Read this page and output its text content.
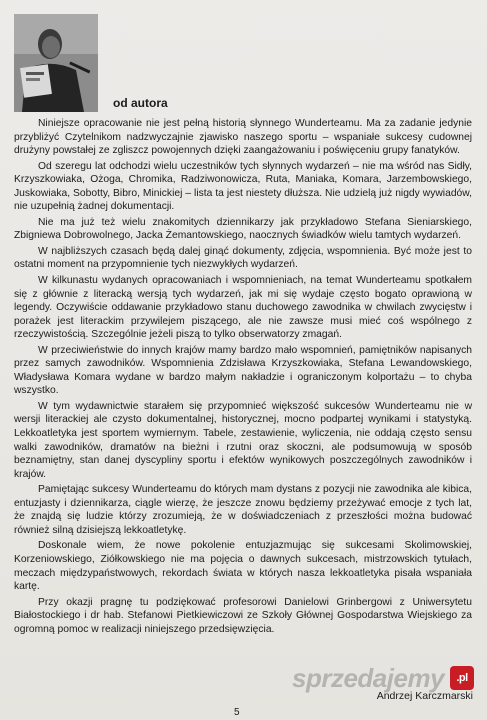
od autora

Niniejsze opracowanie nie jest pełną historią słynnego Wunderteamu. Ma za zadanie jedynie przybliżyć Czytelnikom nadzwyczajnie zjawisko naszego sportu – wspaniałe sukcesy cudownej drużyny powstałej ze zgliszcz powojennych dzięki zaangażowaniu i poświęceniu grupy fanatyków.

Od szeregu lat odchodzi wielu uczestników tych słynnych wydarzeń – nie ma wśród nas Sidły, Krzyszkowiaka, Ożoga, Chromika, Radziwonowicza, Ruta, Maniaka, Komara, Jarzembowskiego, Juskowiaka, Sobotty, Bibro, Minickiej – lista ta jest niestety dłuższa. Nie udzielą już nigdy wywiadów, nie uzupełnią żadnej dokumentacji.

Nie ma już też wielu znakomitych dziennikarzy jak przykładowo Stefana Sieniarskiego, Zbigniewa Dobrowolnego, Jacka Żemantowskiego, naocznych świadków wielu tamtych wydarzeń.

W najbliższych czasach będą dalej ginąć dokumenty, zdjęcia, wspomnienia. Być może jest to ostatni moment na przypomnienie tych niezwykłych wydarzeń.

W kilkunastu wydanych opracowaniach i wspomnieniach, na temat Wunderteamu spotkałem się z głównie z literacką wersją tych wydarzeń, jak mi się wydaje często bogato oprawioną w legendy. Oczywiście oddawanie przykładowo stanu duchowego zawodnika w chwilach zwycięstw i porażek jest literackim przywilejem piszącego, ale nie zawsze musi mieć coś wspólnego z rzeczywistością. Szczególnie jeżeli piszą to tylko obserwatorzy zmagań.

W przeciwieństwie do innych krajów mamy bardzo mało wspomnień, pamiętników napisanych przez samych zawodników. Wspomnienia Zdzisława Krzyszkowiaka, Stefana Lewandowskiego, Władysława Komara wydane w bardzo małym nakładzie i ograniczonym kolportażu – to chyba wszystko.

W tym wydawnictwie starałem się przypomnieć większość sukcesów Wunderteamu nie w wersji literackiej ale czysto dokumentalnej, historycznej, mocno podpartej wynikami i statystyką. Lekkoatletyka jest sportem wymiernym. Tabele, zestawienie, wyliczenia, nie oddają często sensu walki zawodników, dramatów na bieżni i rzutni oraz skoczni, ale podsumowują w sposób beznamiętny, stan danej dyscypliny sportu i efektów wynikowych poszczególnych zawodników i krajów.

Pamiętając sukcesy Wunderteamu do których mam dystans z pozycji nie zawodnika ale kibica, entuzjasty i dziennikarza, ciągle wierzę, że jeszcze znowu będziemy przeżywać emocje z tych lat, że znajdą się ludzie którzy zrozumieją, że w doświadczeniach z przeszłości można budować również silną dzisiejszą lekkoatletykę.

Doskonale wiem, że nowe pokolenie entuzjazmując się sukcesami Skolimowskiej, Korzeniowskiego, Ziółkowskiego nie ma pojęcia o dawnych sukcesach, mistrzowskich tytułach, meczach międzypaństwowych, rekordach świata w których nasza lekkoatletyka pisała wspaniała kartę.

Przy okazji pragnę tu podziękować profesorowi Danielowi Grinbergowi z Uniwersytetu Białostockiego i dr hab. Stefanowi Pietkiewiczowi ze Szkoły Głównej Gospodarstwa Wiejskiego za ogromną pomoc w realizacji niniejszego przedsięwzięcia.

sprzedajemy	.pl
Andrzej Karczmarski
5
